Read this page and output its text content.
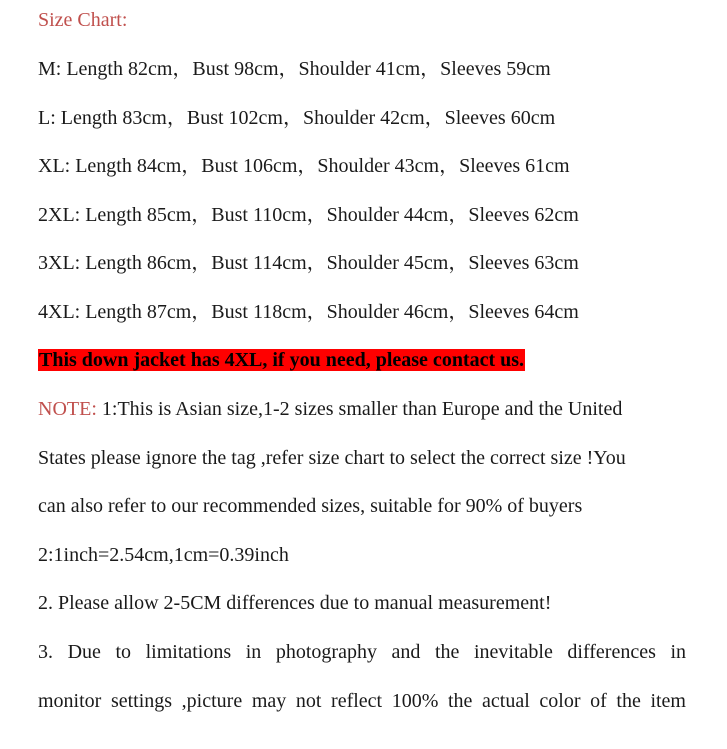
Size Chart:
M: Length 82cm，Bust 98cm，Shoulder 41cm，Sleeves 59cm
L: Length 83cm，Bust 102cm，Shoulder 42cm，Sleeves 60cm
XL: Length 84cm，Bust 106cm，Shoulder 43cm，Sleeves 61cm
2XL: Length 85cm，Bust 110cm，Shoulder 44cm，Sleeves 62cm
3XL: Length 86cm，Bust 114cm，Shoulder 45cm，Sleeves 63cm
4XL: Length 87cm，Bust 118cm，Shoulder 46cm，Sleeves 64cm
This down jacket has 4XL, if you need, please contact us.
NOTE: 1:This is Asian size,1-2 sizes smaller than Europe and the United
States please ignore the tag ,refer size chart to select the correct size !You
can also refer to our recommended sizes, suitable for 90% of buyers
2:1inch=2.54cm,1cm=0.39inch
2. Please allow 2-5CM differences due to manual measurement!
3. Due to limitations in photography and the inevitable differences in
monitor settings ,picture may not reflect 100% the actual color of the item
